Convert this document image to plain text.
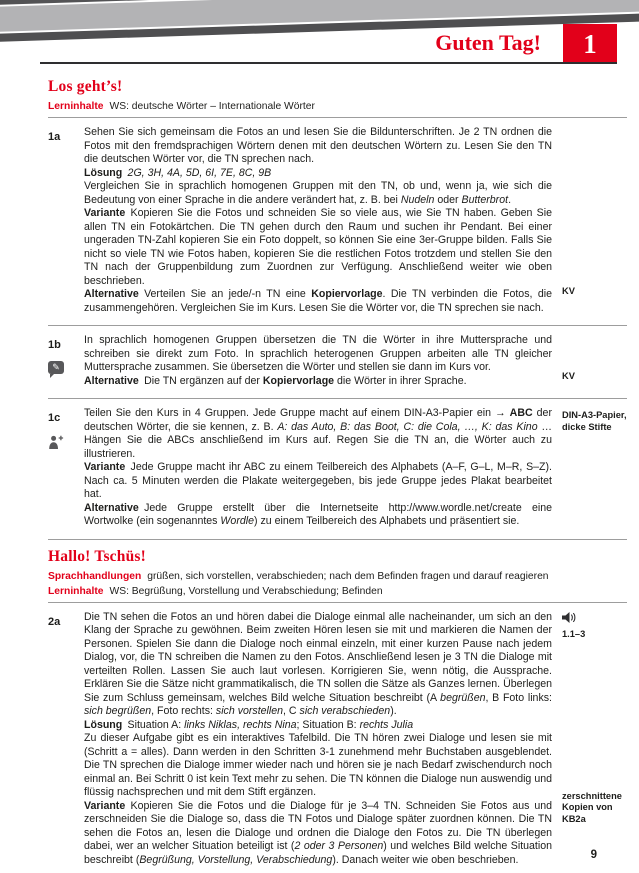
Guten Tag! 1
Los geht’s!

Lerninhalte WS: deutsche Wörter – Internationale Wörter

1a	Sehen Sie sich gemeinsam die Fotos an und lesen Sie die Bildunterschriften. Je 2 TN ordnen die Fotos mit den fremdsprachigen Wörtern denen mit den deutschen Wörtern zu. Lesen Sie den TN die deutschen Wörter vor, die TN sprechen nach.

Lösung  2G, 3H, 4A, 5D, 6I, 7E, 8C, 9B

Vergleichen Sie in sprachlich homogenen Gruppen mit den TN, ob und, wenn ja, wie sich die Bedeutung von einer Sprache in die andere verändert hat, z. B. bei Nudeln oder Butterbrot.

Variante Kopieren Sie die Fotos und schneiden Sie so viele aus, wie Sie TN haben. Geben Sie allen TN ein Fotokärtchen. Die TN gehen durch den Raum und suchen ihr Pendant. Bei einer ungeraden TN-Zahl kopieren Sie ein Foto doppelt, so können Sie eine 3er-Gruppe bilden. Falls Sie nicht so viele TN wie Fotos haben, kopieren Sie die restlichen Fotos trotzdem und stellen Sie den TN nach der Gruppenbildung zum Zuordnen zur Verfügung. Anschließend weiter wie oben beschrieben.

Alternative Verteilen Sie an jede/-n TN eine Kopiervorlage. Die TN verbinden die Fotos, die zusammengehören. Vergleichen Sie im Kurs. Lesen Sie die Wörter vor, die TN sprechen sie nach.

KV
1b
✎

In sprachlich homogenen Gruppen übersetzen die TN die Wörter in ihre Muttersprache und schreiben sie direkt zum Foto. In sprachlich heterogenen Gruppen arbeiten alle TN gleicher Muttersprache zusammen. Sie übersetzen die Wörter und stellen sie dann im Kurs vor.

Alternative Die TN ergänzen auf der Kopiervorlage die Wörter in ihrer Sprache.	KV
1c	Teilen Sie den Kurs in 4 Gruppen. Jede Gruppe macht auf einem DIN-A3-Papier ein → ABC der deutschen Wörter, die sie kennen, z. B. A: das Auto, B: das Boot, C: die Cola, …, K: das Kino … Hängen Sie die ABCs anschließend im Kurs auf. Regen Sie die TN an, die Wörter auch zu illustrieren.

Variante Jede Gruppe macht ihr ABC zu einem Teilbereich des Alphabets (A–F, G–L, M–R, S–Z). Nach ca. 5 Minuten werden die Plakate weitergegeben, bis jede Gruppe jedes Plakat bearbeitet hat.

Alternative Jede Gruppe erstellt über die Internetseite http://www.wordle.net/create eine Wortwolke (ein sogenanntes Wordle) zu einem Teilbereich des Alphabets und präsentiert sie.

DIN-A3-Papier, dicke Stifte
Hallo! Tschüs!

Sprachhandlungen grüßen, sich vorstellen, verabschieden; nach dem Befinden fragen und darauf reagieren

Lerninhalte WS: Begrüßung, Vorstellung und Verabschiedung; Befinden

2a	Die TN sehen die Fotos an und hören dabei die Dialoge einmal alle nacheinander, um sich an den Klang der Sprache zu gewöhnen. Beim zweiten Hören lesen sie mit und markieren die Namen der Personen. Spielen Sie dann die Dialoge noch einmal einzeln, mit einer kurzen Pause nach jedem Dialog, vor, die TN schreiben die Namen zu den Fotos. Anschließend lesen je 3 TN die Dialoge mit verteilten Rollen. Lassen Sie auch laut vorlesen. Korrigieren Sie, wenn nötig, die Aussprache. Erklären Sie die Sätze nicht grammatikalisch, die TN sollen die Sätze als Ganzes lernen. Überlegen Sie zum Schluss gemeinsam, welches Bild welche Situation beschreibt (A begrüßen, B Foto links: sich begrüßen, Foto rechts: sich vorstellen, C sich verabschieden).

Lösung Situation A: links Niklas, rechts Nina; Situation B: rechts Julia

Zu dieser Aufgabe gibt es ein interaktives Tafelbild. Die TN hören zwei Dialoge und lesen sie mit (Schritt a = alles). Dann werden in den Schritten 3-1 zunehmend mehr Buchstaben ausgeblendet. Die TN sprechen die Dialoge immer wieder nach und hören sie je nach Bedarf zwischendurch noch einmal an. Bei Schritt 0 ist kein Text mehr zu sehen. Die TN können die Dialoge nun auswendig und flüssig nachsprechen und mit dem Stift ergänzen.

Variante Kopieren Sie die Fotos und die Dialoge für je 3–4 TN. Schneiden Sie Fotos aus und zerschneiden Sie die Dialoge so, dass die TN Fotos und Dialoge später zuordnen können. Die TN sehen die Fotos an, lesen die Dialoge und ordnen die Dialoge den Fotos zu. Die TN überlegen dabei, wer an welcher Situation beteiligt ist (2 oder 3 Personen) und welches Bild welche Situation beschreibt (Begrüßung, Vorstellung, Verabschiedung). Danach weiter wie oben beschrieben.

1.1–3
zerschnittene Kopien von KB2a
9
